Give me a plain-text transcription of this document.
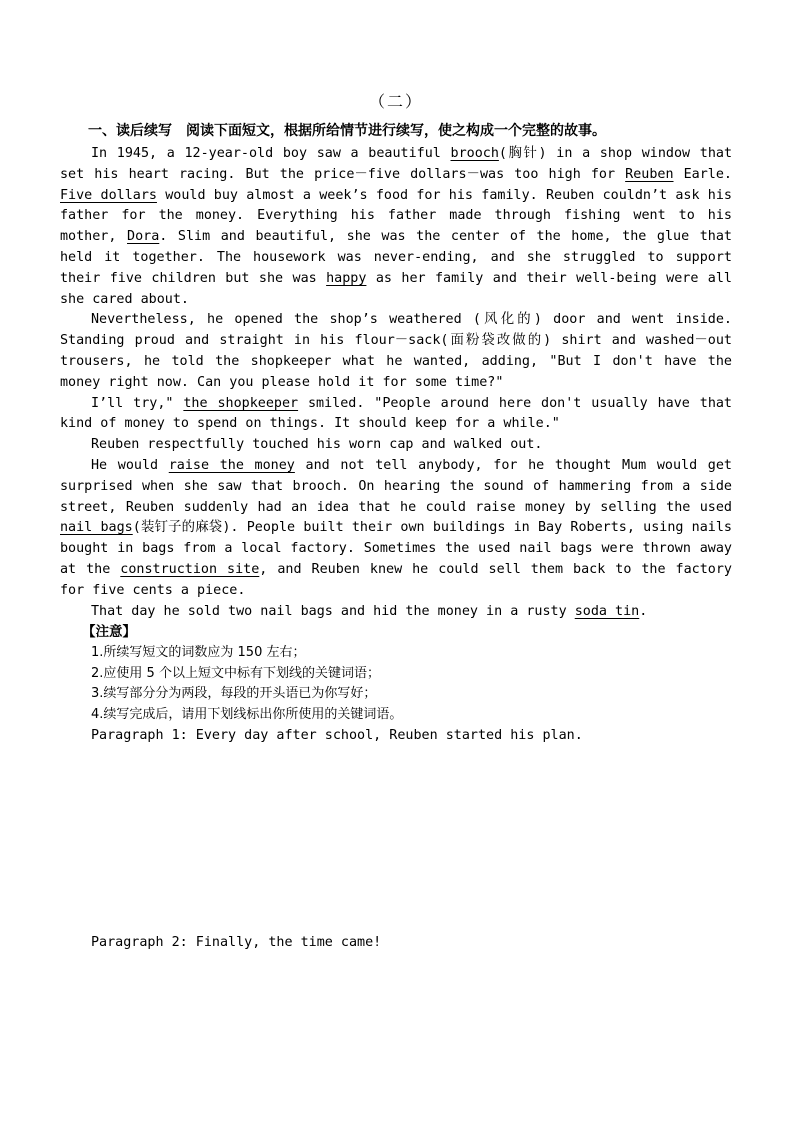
（二）
一、读后续写　阅读下面短文，根据所给情节进行续写，使之构成一个完整的故事。

In 1945, a 12-year-old boy saw a beautiful brooch(胸针) in a shop window that set his heart racing. But the price－five dollars－was too high for Reuben Earle. Five dollars would buy almost a week’s food for his family. Reuben couldn’t ask his father for the money. Everything his father made through fishing went to his mother, Dora. Slim and beautiful, she was the center of the home, the glue that held it together. The housework was never-ending, and she struggled to support their five children but she was happy as her family and their well-being were all she cared about.

Nevertheless, he opened the shop’s weathered (风化的) door and went inside. Standing proud and straight in his flour－sack(面粉袋改做的) shirt and washed－out trousers, he told the shopkeeper what he wanted, adding, "But I don't have the money right now. Can you please hold it for some time?"

I’ll try," the shopkeeper smiled. "People around here don't usually have that kind of money to spend on things. It should keep for a while."

Reuben respectfully touched his worn cap and walked out.

He would raise the money and not tell anybody, for he thought Mum would get surprised when she saw that brooch. On hearing the sound of hammering from a side street, Reuben suddenly had an idea that he could raise money by selling the used nail bags(装钉子的麻袋). People built their own buildings in Bay Roberts, using nails bought in bags from a local factory. Sometimes the used nail bags were thrown away at the construction site, and Reuben knew he could sell them back to the factory for five cents a piece.

That day he sold two nail bags and hid the money in a rusty soda tin.

【注意】
1.所续写短文的词数应为 150 左右；
2.应使用 5 个以上短文中标有下划线的关键词语；
3.续写部分分为两段，每段的开头语已为你写好；
4.续写完成后，请用下划线标出你所使用的关键词语。
Paragraph 1: Every day after school, Reuben started his plan.
Paragraph 2: Finally, the time came!
